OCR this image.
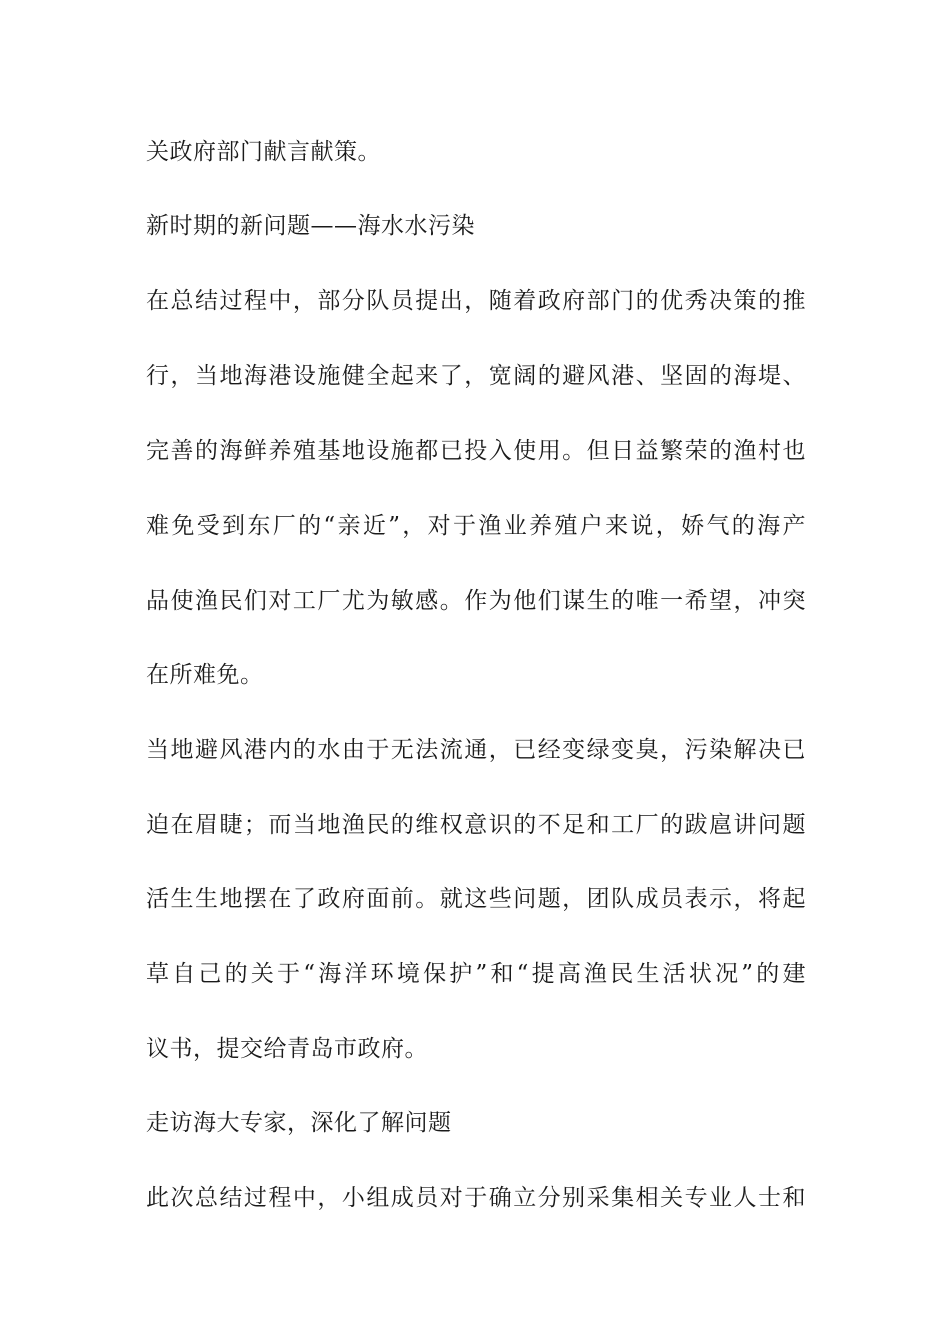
关政府部门献言献策。
新时期的新问题——海水水污染
在总结过程中，部分队员提出，随着政府部门的优秀决策的推
行，当地海港设施健全起来了，宽阔的避风港、坚固的海堤、
完善的海鲜养殖基地设施都已投入使用。但日益繁荣的渔村也
难免受到东厂的“亲近”，对于渔业养殖户来说，娇气的海产
品使渔民们对工厂尤为敏感。作为他们谋生的唯一希望，冲突
在所难免。
当地避风港内的水由于无法流通，已经变绿变臭，污染解决已
迫在眉睫；而当地渔民的维权意识的不足和工厂的跋扈讲问题
活生生地摆在了政府面前。就这些问题，团队成员表示，将起
草自己的关于“海洋环境保护”和“提高渔民生活状况”的建
议书，提交给青岛市政府。
走访海大专家，深化了解问题
此次总结过程中，小组成员对于确立分别采集相关专业人士和
